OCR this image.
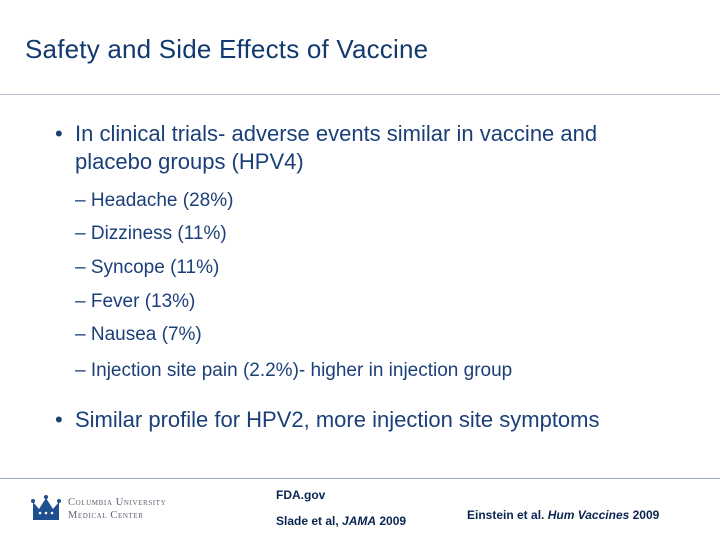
Safety and Side Effects of Vaccine
• In clinical trials- adverse events similar in vaccine and placebo groups (HPV4)
– Headache (28%)
– Dizziness (11%)
– Syncope (11%)
– Fever (13%)
– Nausea (7%)
– Injection site pain (2.2%)- higher in injection group
• Similar profile for HPV2, more injection site symptoms
Columbia University
Medical Center
FDA.gov
Slade et al, JAMA 2009	Einstein et al. Hum Vaccines 2009
